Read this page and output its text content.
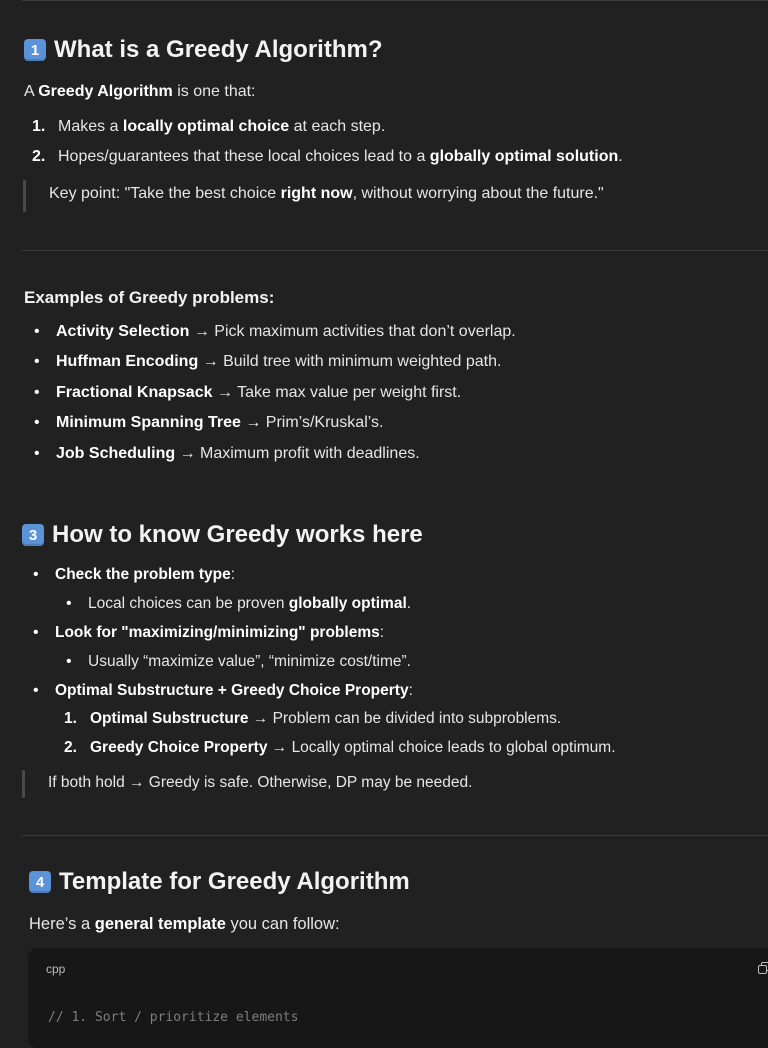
1 What is a Greedy Algorithm?
A Greedy Algorithm is one that:
1. Makes a locally optimal choice at each step.
2. Hopes/guarantees that these local choices lead to a globally optimal solution.
Key point: "Take the best choice right now, without worrying about the future."
Examples of Greedy problems:
• Activity Selection → Pick maximum activities that don’t overlap.
• Huffman Encoding → Build tree with minimum weighted path.
• Fractional Knapsack → Take max value per weight first.
• Minimum Spanning Tree → Prim’s/Kruskal’s.
• Job Scheduling → Maximum profit with deadlines.
3 How to know Greedy works here
• Check the problem type:
• Local choices can be proven globally optimal.
• Look for "maximizing/minimizing" problems:
• Usually “maximize value”, “minimize cost/time”.
• Optimal Substructure + Greedy Choice Property:
1. Optimal Substructure → Problem can be divided into subproblems.
2. Greedy Choice Property → Locally optimal choice leads to global optimum.
If both hold → Greedy is safe. Otherwise, DP may be needed.
4 Template for Greedy Algorithm
Here’s a general template you can follow:
cpp
// 1. Sort / prioritize elements
